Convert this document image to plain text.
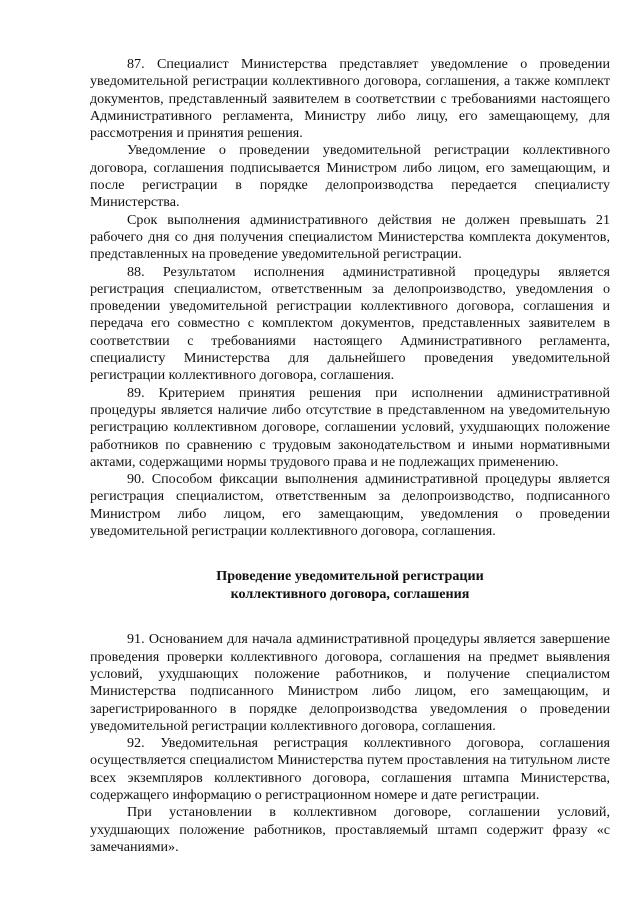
87. Специалист Министерства представляет уведомление о проведении уведомительной регистрации коллективного договора, соглашения, а также комплект документов, представленный заявителем в соответствии с требованиями настоящего Административного регламента, Министру либо лицу, его замещающему, для рассмотрения и принятия решения.

Уведомление о проведении уведомительной регистрации коллективного договора, соглашения подписывается Министром либо лицом, его замещающим, и после регистрации в порядке делопроизводства передается специалисту Министерства.

Срок выполнения административного действия не должен превышать 21 рабочего дня со дня получения специалистом Министерства комплекта документов, представленных на проведение уведомительной регистрации.

88. Результатом исполнения административной процедуры является регистрация специалистом, ответственным за делопроизводство, уведомления о проведении уведомительной регистрации коллективного договора, соглашения и передача его совместно с комплектом документов, представленных заявителем в соответствии с требованиями настоящего Административного регламента, специалисту Министерства для дальнейшего проведения уведомительной регистрации коллективного договора, соглашения.

89. Критерием принятия решения при исполнении административной процедуры является наличие либо отсутствие в представленном на уведомительную регистрацию коллективном договоре, соглашении условий, ухудшающих положение работников по сравнению с трудовым законодательством и иными нормативными актами, содержащими нормы трудового права и не подлежащих применению.

90. Способом фиксации выполнения административной процедуры является регистрация специалистом, ответственным за делопроизводство, подписанного Министром либо лицом, его замещающим, уведомления о проведении уведомительной регистрации коллективного договора, соглашения.

Проведение уведомительной регистрации
коллективного договора, соглашения

91. Основанием для начала административной процедуры является завершение проведения проверки коллективного договора, соглашения на предмет выявления условий, ухудшающих положение работников, и получение специалистом Министерства подписанного Министром либо лицом, его замещающим, и зарегистрированного в порядке делопроизводства уведомления о проведении уведомительной регистрации коллективного договора, соглашения.

92. Уведомительная регистрация коллективного договора, соглашения осуществляется специалистом Министерства путем проставления на титульном листе всех экземпляров коллективного договора, соглашения штампа Министерства, содержащего информацию о регистрационном номере и дате регистрации.

При установлении в коллективном договоре, соглашении условий, ухудшающих положение работников, проставляемый штамп содержит фразу «с замечаниями».
